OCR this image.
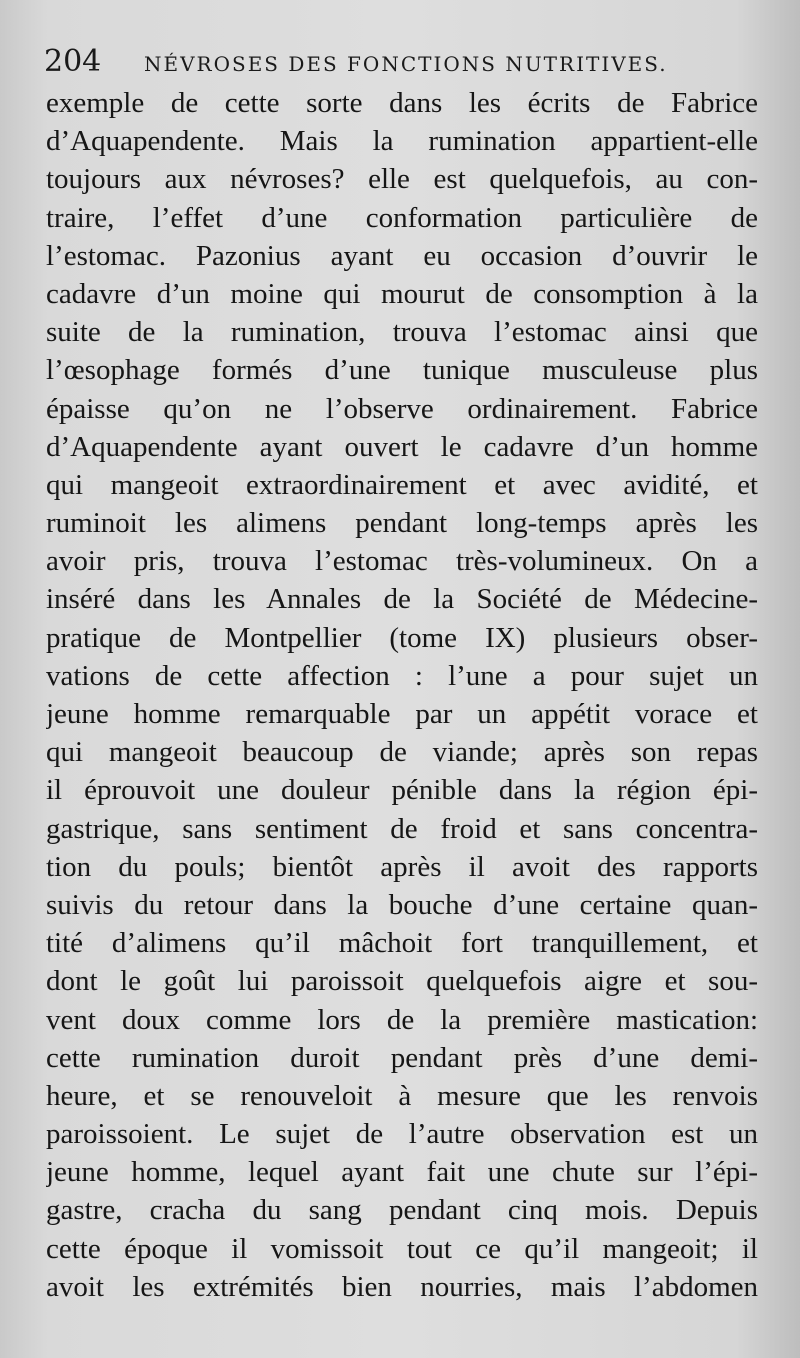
204 NÉVROSES DES FONCTIONS NUTRITIVES.
exemple de cette sorte dans les écrits de Fabrice
d’Aquapendente. Mais la rumination appartient-elle
toujours aux névroses? elle est quelquefois, au con-
traire, l’effet d’une conformation particulière de
l’estomac. Pazonius ayant eu occasion d’ouvrir le
cadavre d’un moine qui mourut de consomption à la
suite de la rumination, trouva l’estomac ainsi que
l’œsophage formés d’une tunique musculeuse plus
épaisse qu’on ne l’observe ordinairement. Fabrice
d’Aquapendente ayant ouvert le cadavre d’un homme
qui mangeoit extraordinairement et avec avidité, et
ruminoit les alimens pendant long-temps après les
avoir pris, trouva l’estomac très-volumineux. On a
inséré dans les Annales de la Société de Médecine-
pratique de Montpellier (tome IX) plusieurs obser-
vations de cette affection : l’une a pour sujet un
jeune homme remarquable par un appétit vorace et
qui mangeoit beaucoup de viande; après son repas
il éprouvoit une douleur pénible dans la région épi-
gastrique, sans sentiment de froid et sans concentra-
tion du pouls; bientôt après il avoit des rapports
suivis du retour dans la bouche d’une certaine quan-
tité d’alimens qu’il mâchoit fort tranquillement, et
dont le goût lui paroissoit quelquefois aigre et sou-
vent doux comme lors de la première mastication:
cette rumination duroit pendant près d’une demi-
heure, et se renouveloit à mesure que les renvois
paroissoient. Le sujet de l’autre observation est un
jeune homme, lequel ayant fait une chute sur l’épi-
gastre, cracha du sang pendant cinq mois. Depuis
cette époque il vomissoit tout ce qu’il mangeoit; il
avoit les extrémités bien nourries, mais l’abdomen
